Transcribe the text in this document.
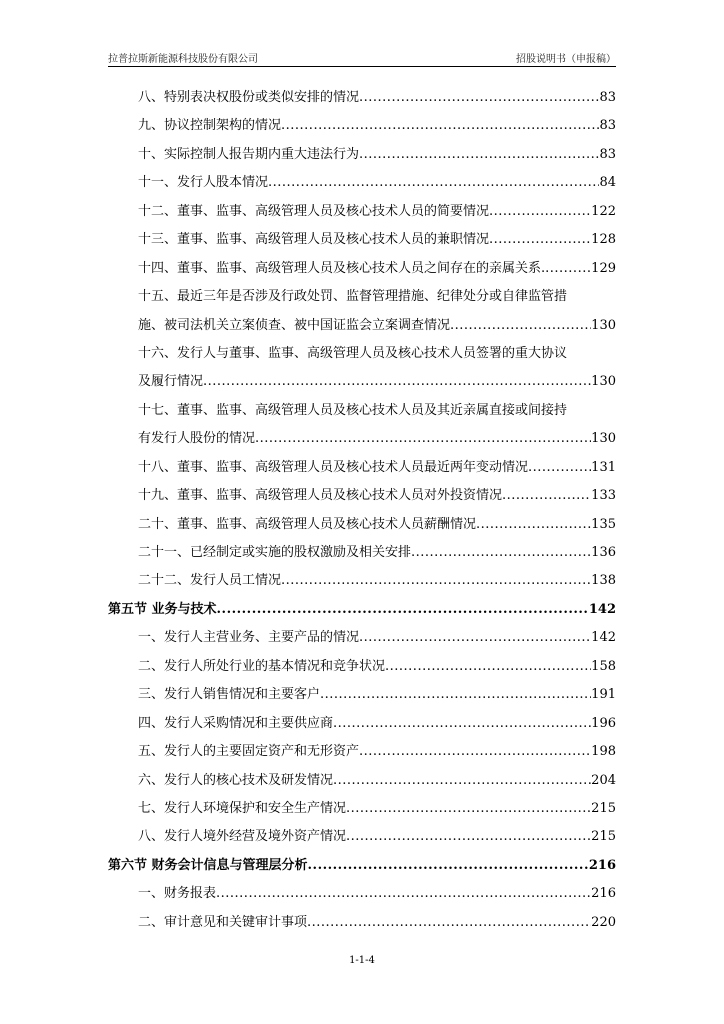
拉普拉斯新能源科技股份有限公司	招股说明书（申报稿）
八、特别表决权股份或类似安排的情况 .....	83
九、协议控制架构的情况 .....	83
十、实际控制人报告期内重大违法行为 .....	83
十一、发行人股本情况 .....	84
十二、董事、监事、高级管理人员及核心技术人员的简要情况 .....	122
十三、董事、监事、高级管理人员及核心技术人员的兼职情况 .....	128
十四、董事、监事、高级管理人员及核心技术人员之间存在的亲属关系. .....	129
十五、最近三年是否涉及行政处罚、监督管理措施、纪律处分或自律监管措
施、被司法机关立案侦查、被中国证监会立案调查情况 .....	130
十六、发行人与董事、监事、高级管理人员及核心技术人员签署的重大协议
及履行情况 .....	130
十七、董事、监事、高级管理人员及核心技术人员及其近亲属直接或间接持
有发行人股份的情况 .....	130
十八、董事、监事、高级管理人员及核心技术人员最近两年变动情况 .....	131
十九、董事、监事、高级管理人员及核心技术人员对外投资情况 .....	133
二十、董事、监事、高级管理人员及核心技术人员薪酬情况 .....	135
二十一、已经制定或实施的股权激励及相关安排 .....	136
二十二、发行人员工情况 .....	138
第五节 业务与技术 .....	142
一、发行人主营业务、主要产品的情况 .....	142
二、发行人所处行业的基本情况和竞争状况 .....	158
三、发行人销售情况和主要客户 .....	191
四、发行人采购情况和主要供应商 .....	196
五、发行人的主要固定资产和无形资产 .....	198
六、发行人的核心技术及研发情况 .....	204
七、发行人环境保护和安全生产情况 .....	215
八、发行人境外经营及境外资产情况 .....	215
第六节 财务会计信息与管理层分析 .....	216
一、财务报表 .....	216
二、审计意见和关键审计事项 .....	220
1-1-4
